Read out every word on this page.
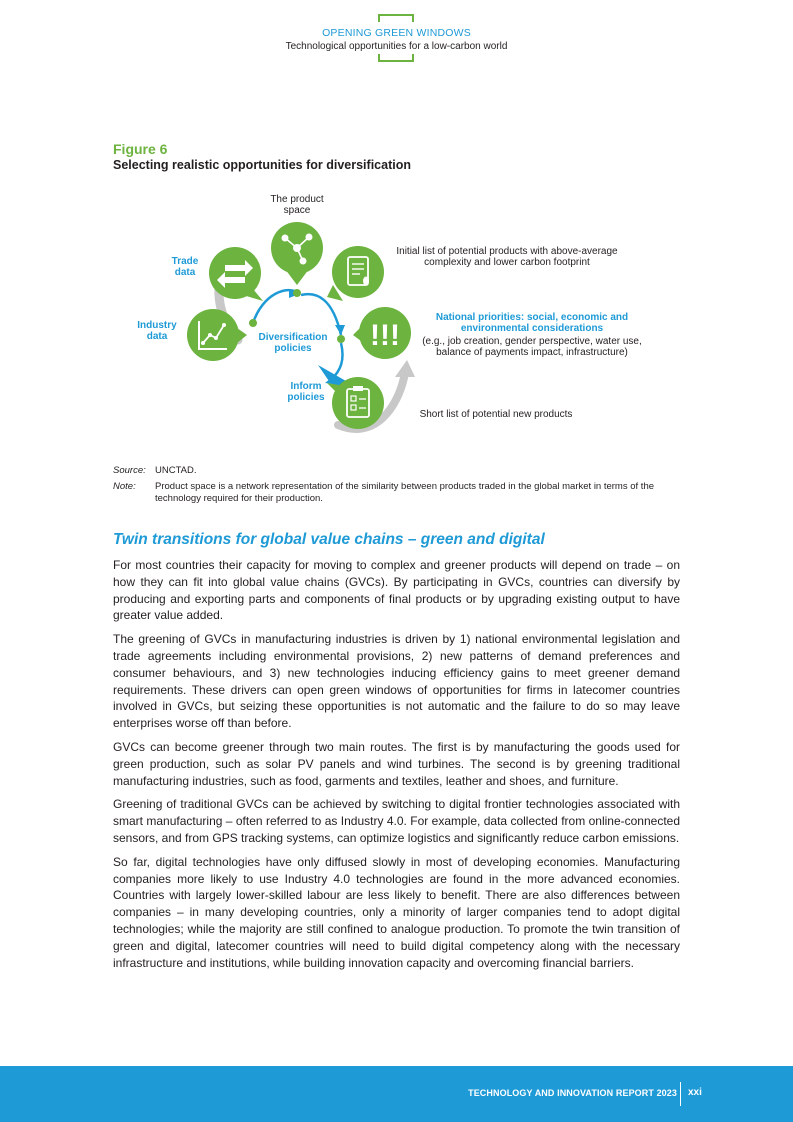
OPENING GREEN WINDOWS
Technological opportunities for a low-carbon world
Figure 6
Selecting realistic opportunities for diversification
!!!
The product space
Trade data
Industry data	Diversification policies
Inform policies
Initial list of potential products with above-average complexity and lower carbon footprint
National priorities: social, economic and environmental considerations
(e.g., job creation, gender perspective, water use, balance of payments impact, infrastructure)
Short list of potential new products
Source: UNCTAD.
Note: Product space is a network representation of the similarity between products traded in the global market in terms of the technology required for their production.
Twin transitions for global value chains – green and digital

For most countries their capacity for moving to complex and greener products will depend on trade – on how they can fit into global value chains (GVCs). By participating in GVCs, countries can diversify by producing and exporting parts and components of final products or by upgrading existing output to have greater value added.

The greening of GVCs in manufacturing industries is driven by 1) national environmental legislation and trade agreements including environmental provisions, 2) new patterns of demand preferences and consumer behaviours, and 3) new technologies inducing efficiency gains to meet greener demand requirements. These drivers can open green windows of opportunities for firms in latecomer countries involved in GVCs, but seizing these opportunities is not automatic and the failure to do so may leave enterprises worse off than before.

GVCs can become greener through two main routes. The first is by manufacturing the goods used for green production, such as solar PV panels and wind turbines. The second is by greening traditional manufacturing industries, such as food, garments and textiles, leather and shoes, and furniture.

Greening of traditional GVCs can be achieved by switching to digital frontier technologies associated with smart manufacturing – often referred to as Industry 4.0. For example, data collected from online-connected sensors, and from GPS tracking systems, can optimize logistics and significantly reduce carbon emissions.

So far, digital technologies have only diffused slowly in most of developing economies. Manufacturing companies more likely to use Industry 4.0 technologies are found in the more advanced economies. Countries with largely lower-skilled labour are less likely to benefit. There are also differences between companies – in many developing countries, only a minority of larger companies tend to adopt digital technologies; while the majority are still confined to analogue production. To promote the twin transition of green and digital, latecomer countries will need to build digital competency along with the necessary infrastructure and institutions, while building innovation capacity and overcoming financial barriers.

TECHNOLOGY AND INNOVATION REPORT 2023 xxi
